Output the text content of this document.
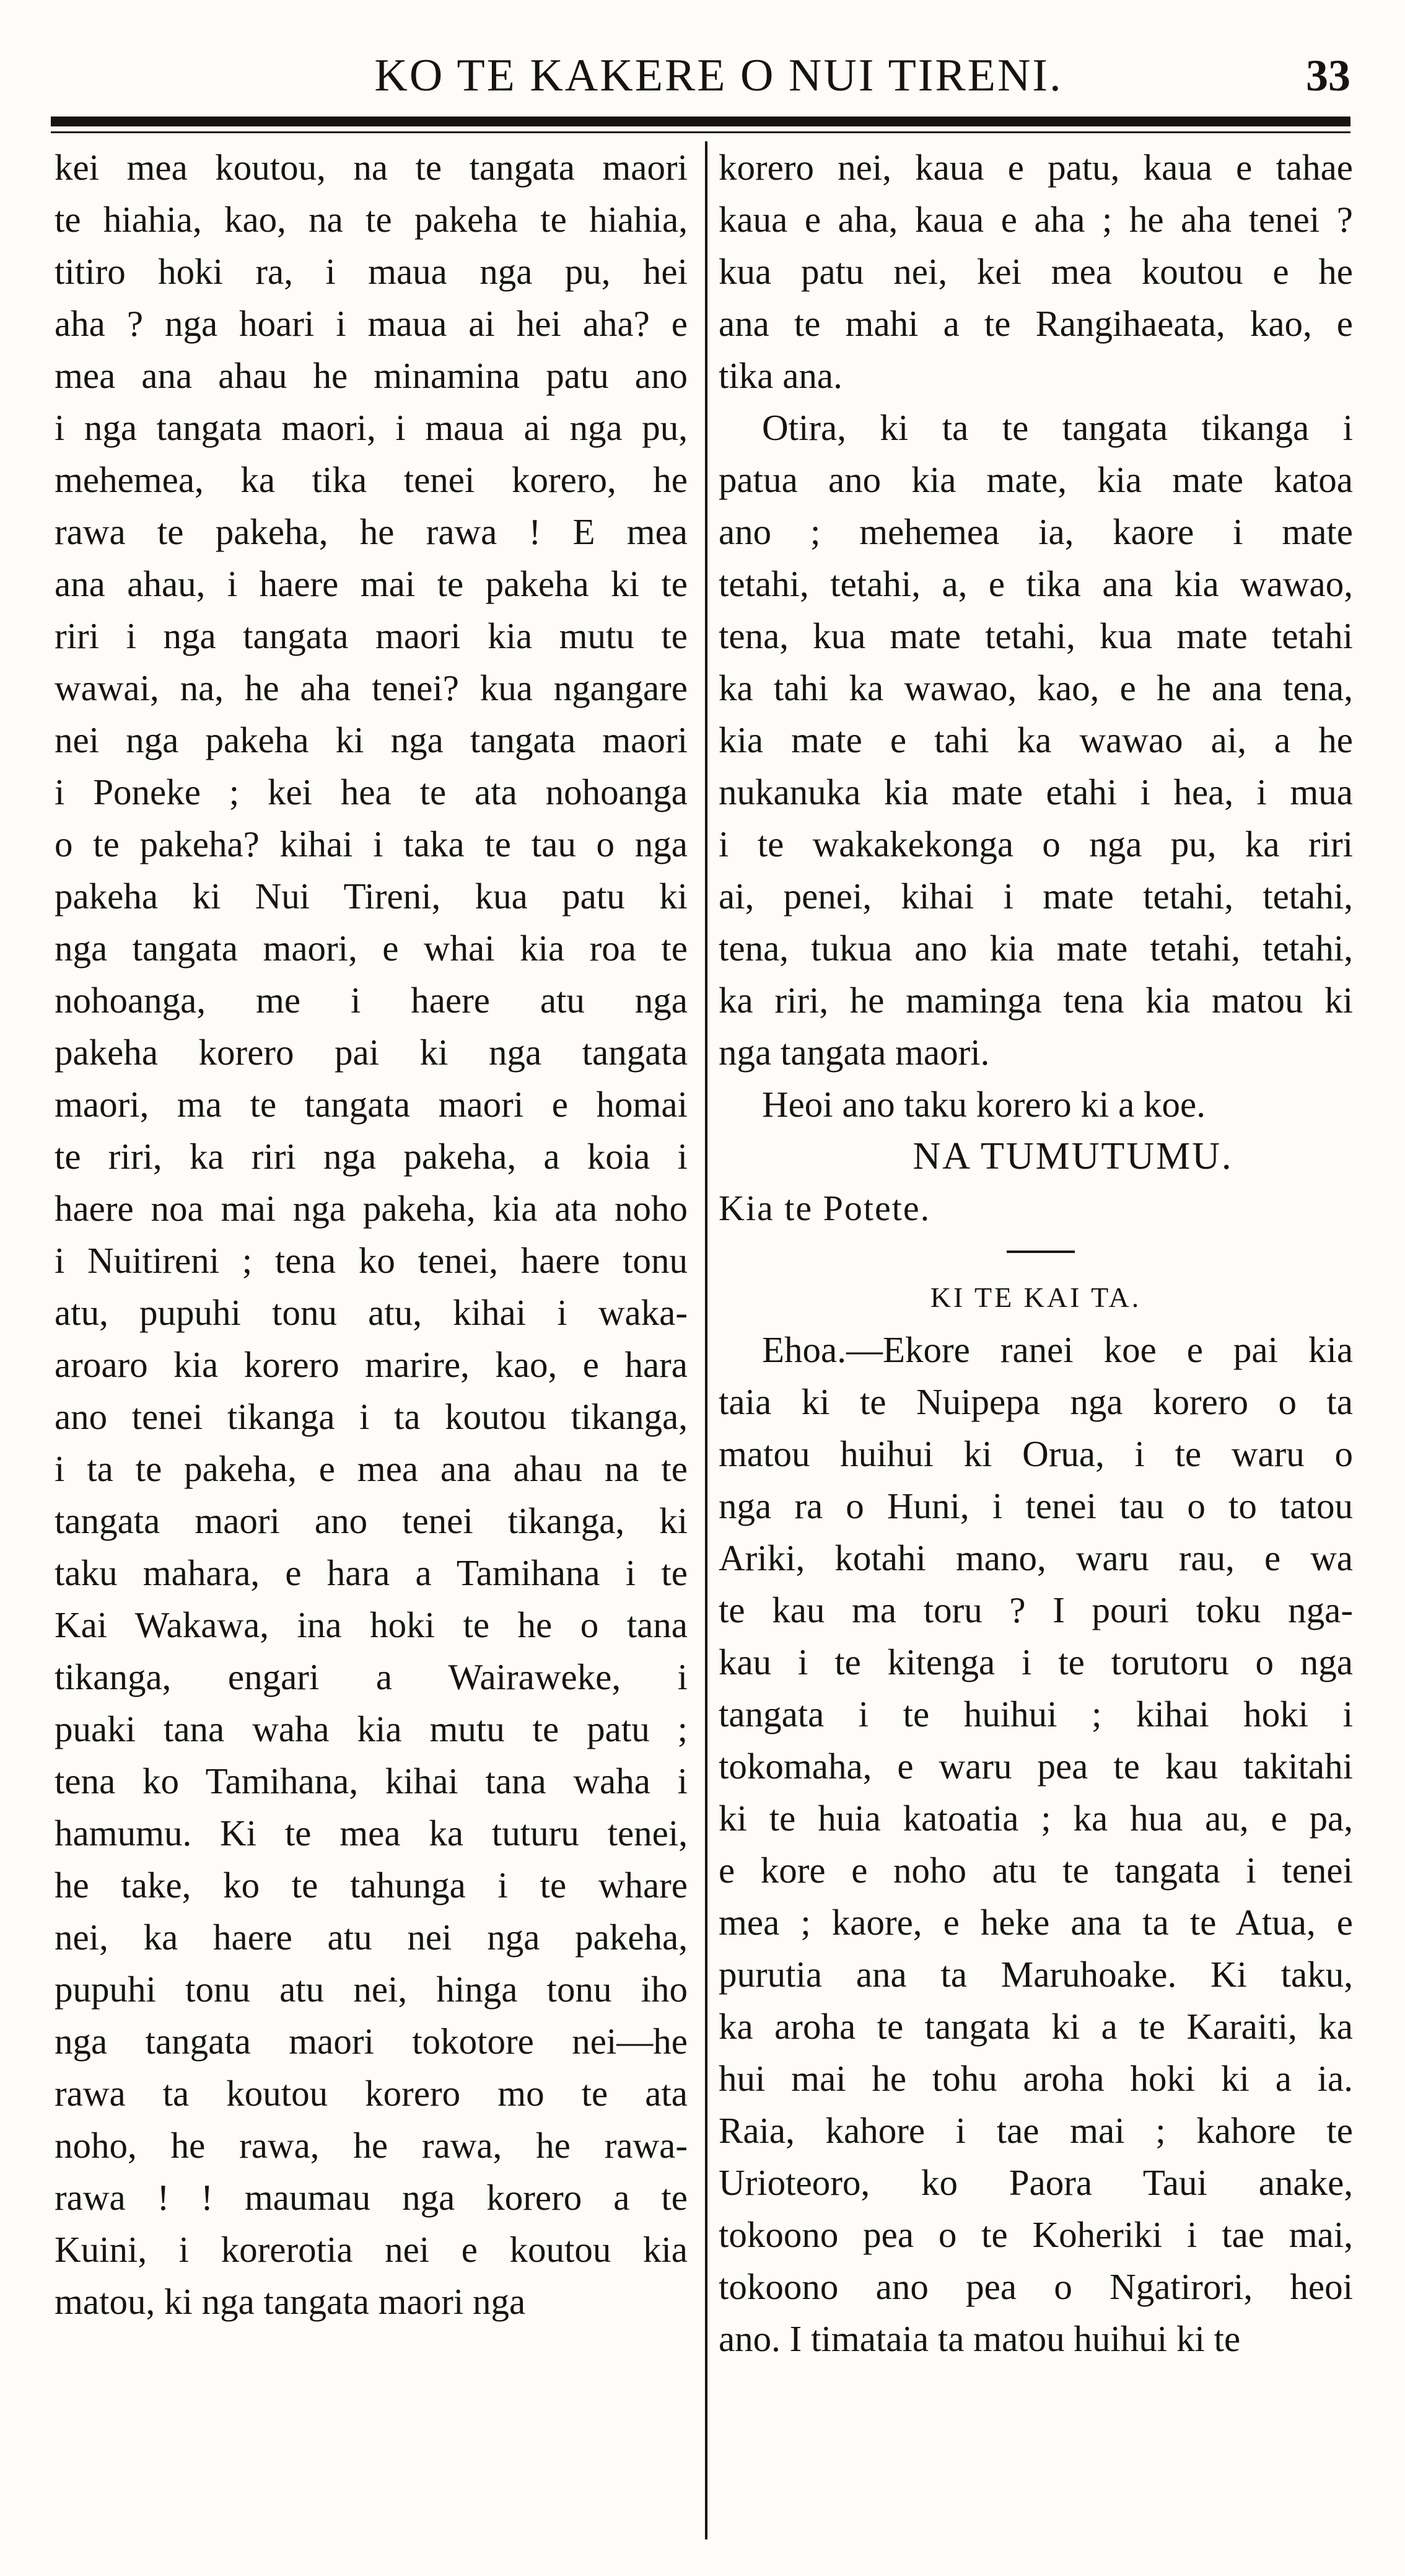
KO TE KAKERE O NUI TIRENI.	33
kei mea koutou, na te tangata maori
te hiahia, kao, na te pakeha te hiahia,
titiro hoki ra, i maua nga pu, hei
aha ? nga hoari i maua ai hei aha? e
mea ana ahau he minamina patu ano
i nga tangata maori, i maua ai nga pu,
mehemea, ka tika tenei korero, he
rawa te pakeha, he rawa ! E mea
ana ahau, i haere mai te pakeha ki te
riri i nga tangata maori kia mutu te
wawai, na, he aha tenei? kua ngangare
nei nga pakeha ki nga tangata maori
i Poneke ; kei hea te ata nohoanga
o te pakeha? kihai i taka te tau o nga
pakeha ki Nui Tireni, kua patu ki
nga tangata maori, e whai kia roa te
nohoanga, me i haere atu nga
pakeha korero pai ki nga tangata
maori, ma te tangata maori e homai
te riri, ka riri nga pakeha, a koia i
haere noa mai nga pakeha, kia ata noho
i Nuitireni ; tena ko tenei, haere tonu
atu, pupuhi tonu atu, kihai i waka-
aroaro kia korero marire, kao, e hara
ano tenei tikanga i ta koutou tikanga,
i ta te pakeha, e mea ana ahau na te
tangata maori ano tenei tikanga, ki
taku mahara, e hara a Tamihana i te
Kai Wakawa, ina hoki te he o tana
tikanga, engari a Wairaweke, i
puaki tana waha kia mutu te patu ;
tena ko Tamihana, kihai tana waha i
hamumu. Ki te mea ka tuturu tenei,
he take, ko te tahunga i te whare
nei, ka haere atu nei nga pakeha,
pupuhi tonu atu nei, hinga tonu iho
nga tangata maori tokotore nei—he
rawa ta koutou korero mo te ata
noho, he rawa, he rawa, he rawa-
rawa ! ! maumau nga korero a te
Kuini, i korerotia nei e koutou kia
matou, ki nga tangata maori nga
korero nei, kaua e patu, kaua e tahae
kaua e aha, kaua e aha ; he aha tenei ?
kua patu nei, kei mea koutou e he
ana te mahi a te Rangihaeata, kao, e
tika ana.
Otira, ki ta te tangata tikanga i
patua ano kia mate, kia mate katoa
ano ; mehemea ia, kaore i mate
tetahi, tetahi, a, e tika ana kia wawao,
tena, kua mate tetahi, kua mate tetahi
ka tahi ka wawao, kao, e he ana tena,
kia mate e tahi ka wawao ai, a he
nukanuka kia mate etahi i hea, i mua
i te wakakekonga o nga pu, ka riri
ai, penei, kihai i mate tetahi, tetahi,
tena, tukua ano kia mate tetahi, tetahi,
ka riri, he maminga tena kia matou ki
nga tangata maori.
Heoi ano taku korero ki a koe.
NA TUMUTUMU.
Kia te Potete.
KI TE KAI TA.
Ehoa.—Ekore ranei koe e pai kia
taia ki te Nuipepa nga korero o ta
matou huihui ki Orua, i te waru o
nga ra o Huni, i tenei tau o to tatou
Ariki, kotahi mano, waru rau, e wa
te kau ma toru ? I pouri toku nga-
kau i te kitenga i te torutoru o nga
tangata i te huihui ; kihai hoki i
tokomaha, e waru pea te kau takitahi
ki te huia katoatia ; ka hua au, e pa,
e kore e noho atu te tangata i tenei
mea ; kaore, e heke ana ta te Atua, e
purutia ana ta Maruhoake. Ki taku,
ka aroha te tangata ki a te Karaiti, ka
hui mai he tohu aroha hoki ki a ia.
Raia, kahore i tae mai ; kahore te
Urioteoro, ko Paora Taui anake,
tokoono pea o te Koheriki i tae mai,
tokoono ano pea o Ngatirori, heoi
ano. I timataia ta matou huihui ki te
